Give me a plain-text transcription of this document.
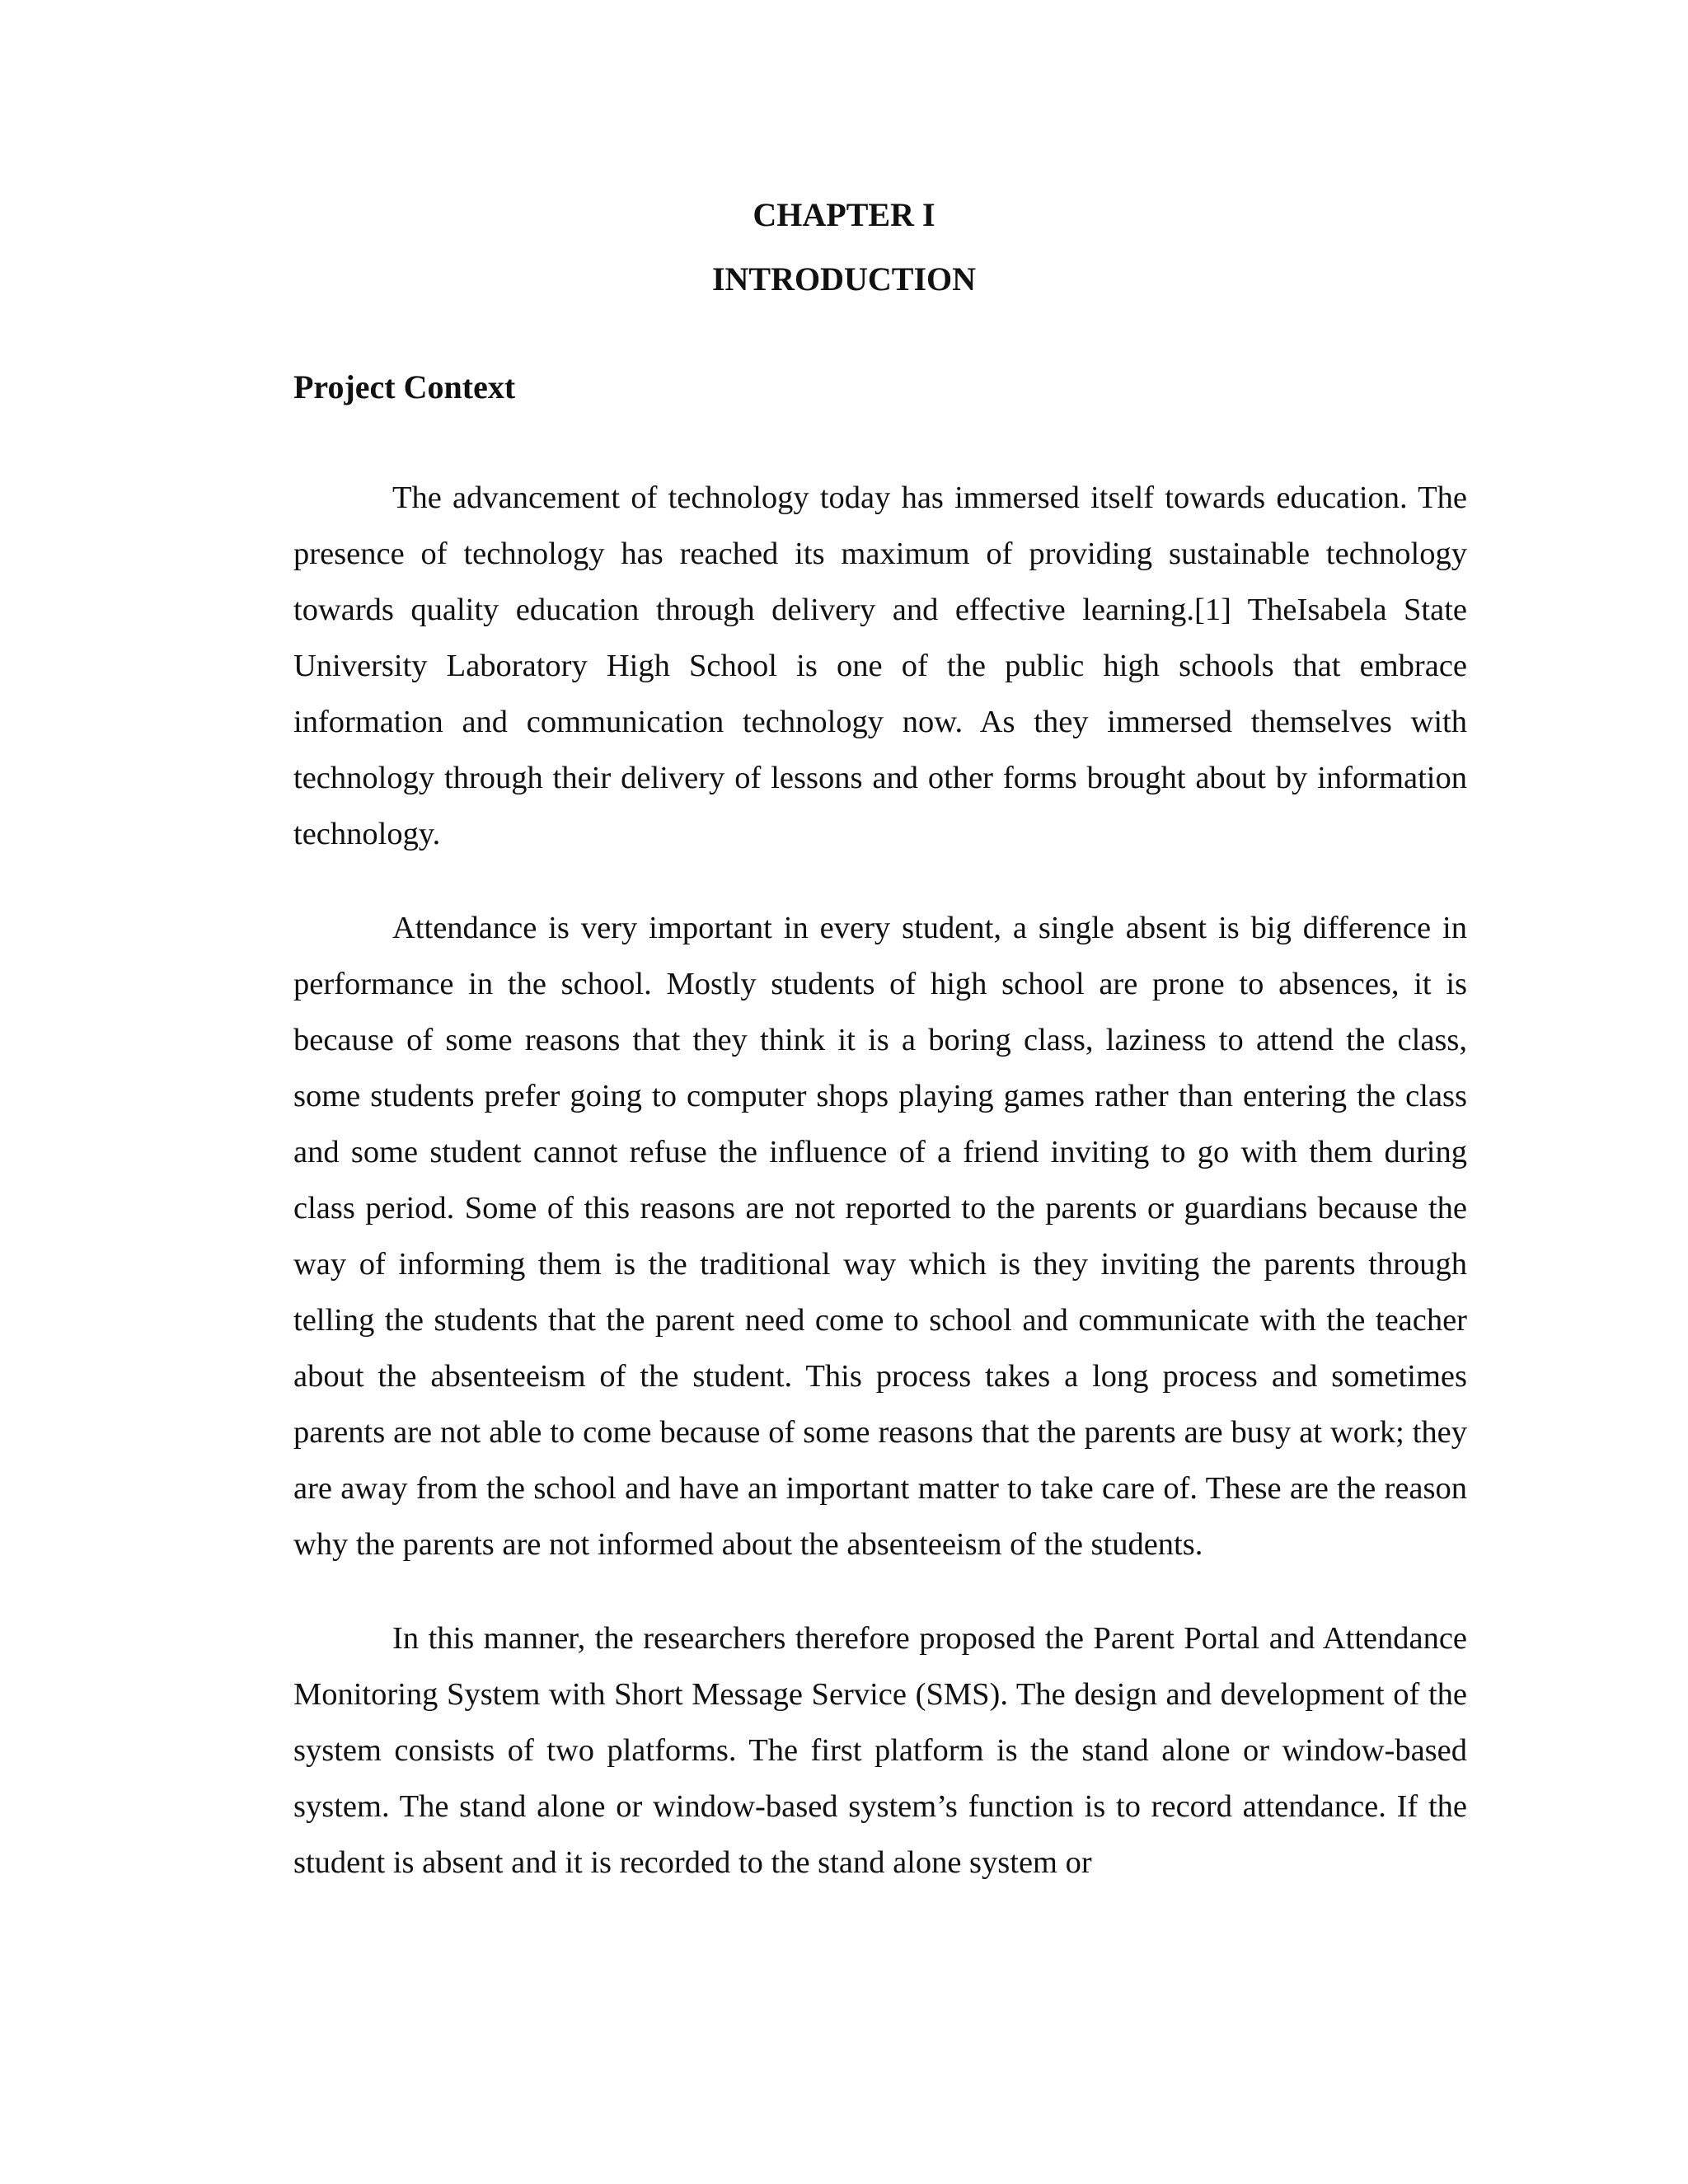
CHAPTER I
INTRODUCTION
Project Context

The advancement of technology today has immersed itself towards education. The presence of technology has reached its maximum of providing sustainable technology towards quality education through delivery and effective learning.[1] TheIsabela State University Laboratory High School is one of the public high schools that embrace information and communication technology now. As they immersed themselves with technology through their delivery of lessons and other forms brought about by information technology.

Attendance is very important in every student, a single absent is big difference in performance in the school. Mostly students of high school are prone to absences, it is because of some reasons that they think it is a boring class, laziness to attend the class, some students prefer going to computer shops playing games rather than entering the class and some student cannot refuse the influence of a friend inviting to go with them during class period. Some of this reasons are not reported to the parents or guardians because the way of informing them is the traditional way which is they inviting the parents through telling the students that the parent need come to school and communicate with the teacher about the absenteeism of the student. This process takes a long process and sometimes parents are not able to come because of some reasons that the parents are busy at work; they are away from the school and have an important matter to take care of. These are the reason why the parents are not informed about the absenteeism of the students.

In this manner, the researchers therefore proposed the Parent Portal and Attendance Monitoring System with Short Message Service (SMS). The design and development of the system consists of two platforms. The first platform is the stand alone or window-based system. The stand alone or window-based system’s function is to record attendance. If the student is absent and it is recorded to the stand alone system or
